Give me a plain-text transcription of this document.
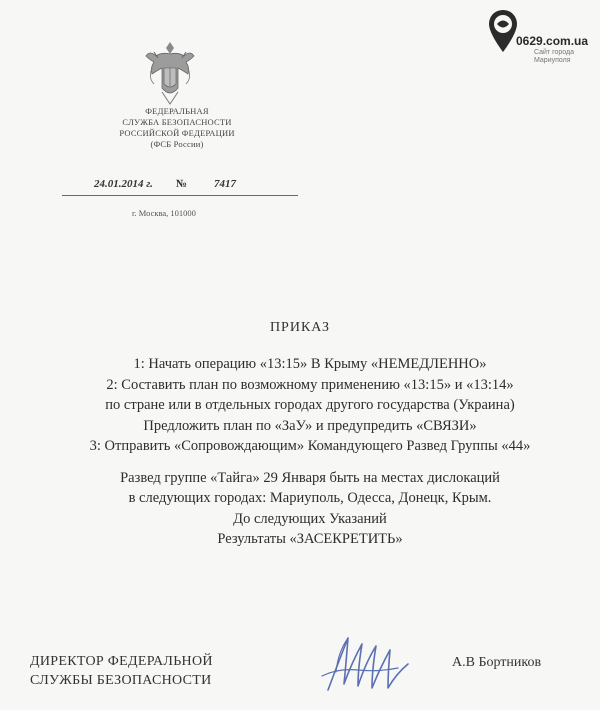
ФЕДЕРАЛЬНАЯ
СЛУЖБА БЕЗОПАСНОСТИ
РОССИЙСКОЙ ФЕДЕРАЦИИ
(ФСБ России)
24.01.2014 г. № 7417
г. Москва, 101000
0629.com.ua
Сайт города
Мариуполя
ПРИКАЗ
1: Начать операцию «13:15» В Крыму «НЕМЕДЛЕННО»
2: Составить план по возможному применению «13:15» и «13:14»
по стране или в отдельных городах другого государства (Украина)
Предложить план по «ЗаУ» и предупредить «СВЯЗИ»
3: Отправить «Сопровождающим» Командующего Развед Группы «44»
Развед группе «Тайга» 29 Января быть на местах дислокаций
в следующих городах: Мариуполь, Одесса, Донецк, Крым.
До следующих Указаний
Результаты «ЗАСЕКРЕТИТЬ»
ДИРЕКТОР ФЕДЕРАЛЬНОЙ
СЛУЖБЫ БЕЗОПАСНОСТИ
А.В Бортников
